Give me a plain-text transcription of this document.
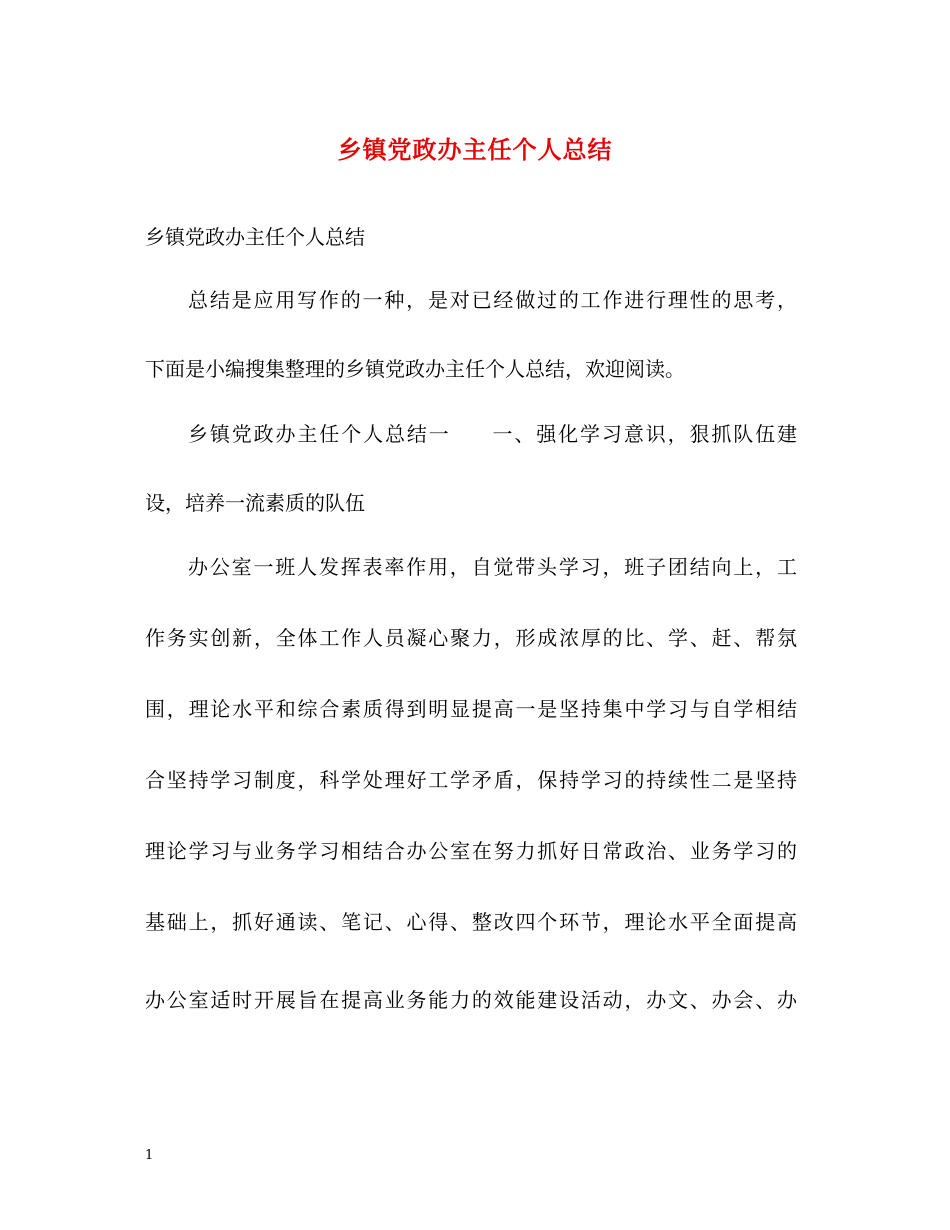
乡镇党政办主任个人总结
乡镇党政办主任个人总结
总结是应用写作的一种，是对已经做过的工作进行理性的思考，
下面是小编搜集整理的乡镇党政办主任个人总结，欢迎阅读。
乡镇党政办主任个人总结一 一、强化学习意识，狠抓队伍建
设，培养一流素质的队伍
办公室一班人发挥表率作用，自觉带头学习，班子团结向上，工
作务实创新，全体工作人员凝心聚力，形成浓厚的比、学、赶、帮氛
围，理论水平和综合素质得到明显提高一是坚持集中学习与自学相结
合坚持学习制度，科学处理好工学矛盾，保持学习的持续性二是坚持
理论学习与业务学习相结合办公室在努力抓好日常政治、业务学习的
基础上，抓好通读、笔记、心得、整改四个环节，理论水平全面提高
办公室适时开展旨在提高业务能力的效能建设活动，办文、办会、办
1
